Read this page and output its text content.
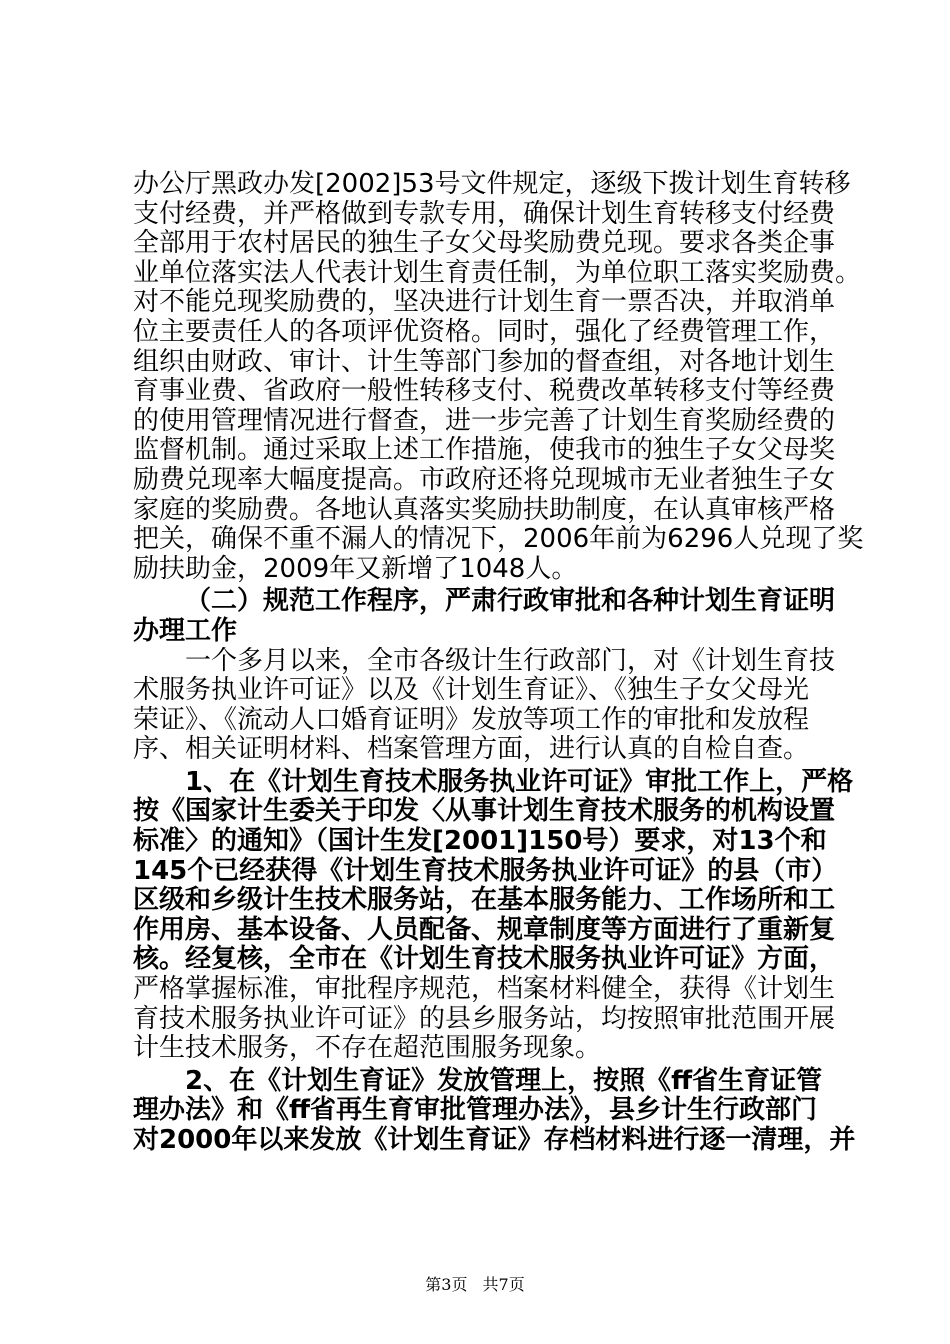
办公厅黑政办发[2002]53号文件规定，逐级下拨计划生育转移
支付经费，并严格做到专款专用，确保计划生育转移支付经费
全部用于农村居民的独生子女父母奖励费兑现。要求各类企事
业单位落实法人代表计划生育责任制，为单位职工落实奖励费。
对不能兑现奖励费的，坚决进行计划生育一票否决，并取消单
位主要责任人的各项评优资格。同时，强化了经费管理工作，
组织由财政、审计、计生等部门参加的督查组，对各地计划生
育事业费、省政府一般性转移支付、税费改革转移支付等经费
的使用管理情况进行督查，进一步完善了计划生育奖励经费的
监督机制。通过采取上述工作措施，使我市的独生子女父母奖
励费兑现率大幅度提高。市政府还将兑现城市无业者独生子女
家庭的奖励费。各地认真落实奖励扶助制度，在认真审核严格
把关，确保不重不漏人的情况下，2006年前为6296人兑现了奖
励扶助金，2009年又新增了1048人。
（二）规范工作程序，严肃行政审批和各种计划生育证明
办理工作
一个多月以来，全市各级计生行政部门，对《计划生育技
术服务执业许可证》以及《计划生育证》、《独生子女父母光
荣证》、《流动人口婚育证明》发放等项工作的审批和发放程
序、相关证明材料、档案管理方面，进行认真的自检自查。
1、在《计划生育技术服务执业许可证》审批工作上，严格
按《国家计生委关于印发〈从事计划生育技术服务的机构设置
标准〉的通知》（国计生发[2001]150号）要求，对13个和
145个已经获得《计划生育技术服务执业许可证》的县（市）
区级和乡级计生技术服务站，在基本服务能力、工作场所和工
作用房、基本设备、人员配备、规章制度等方面进行了重新复
核。经复核，全市在《计划生育技术服务执业许可证》方面，
严格掌握标准，审批程序规范，档案材料健全，获得《计划生
育技术服务执业许可证》的县乡服务站，均按照审批范围开展
计生技术服务，不存在超范围服务现象。
2、在《计划生育证》发放管理上，按照《ff省生育证管
理办法》和《ff省再生育审批管理办法》，县乡计生行政部门
对2000年以来发放《计划生育证》存档材料进行逐一清理，并
第3页 共7页
